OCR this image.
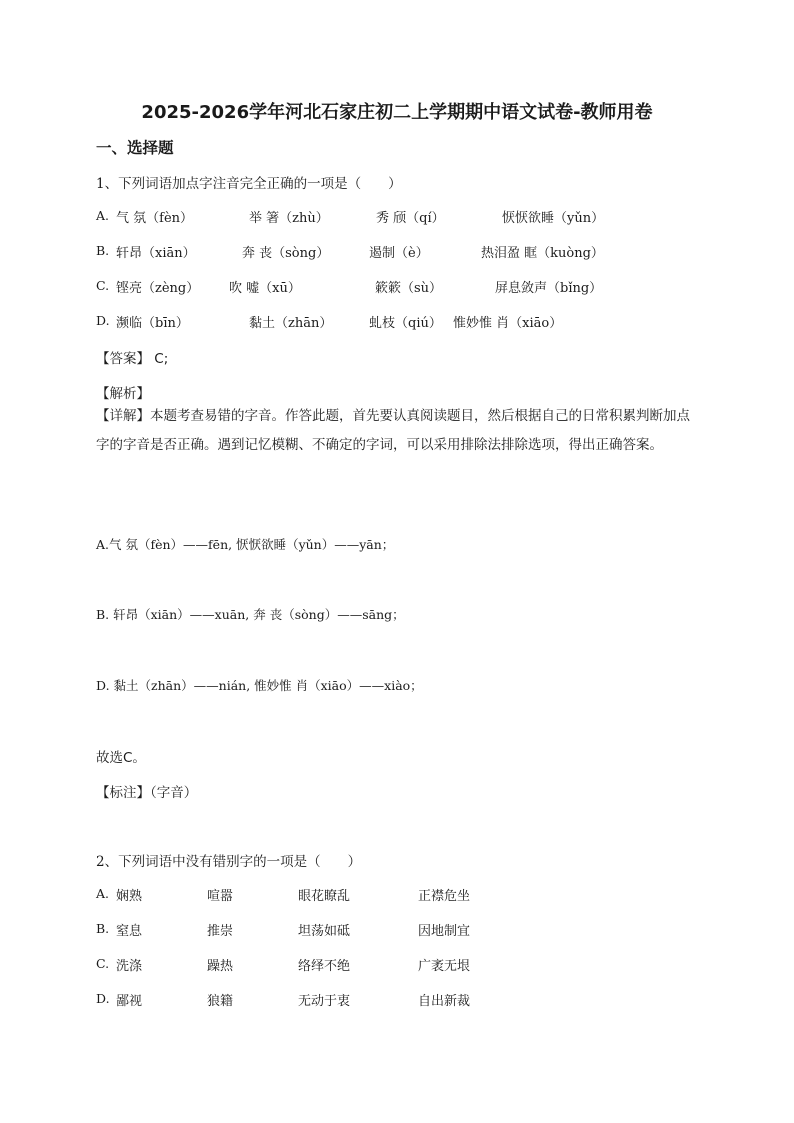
2025-2026学年河北石家庄初二上学期期中语文试卷-教师用卷
一、选择题
1、下列词语加点字注音完全正确的一项是（　　）
A. 气 氛（fèn）	举 箸（zhù）	秀 颀（qí）	恹恹欲睡（yǔn）
B. 轩昂（xiān）	奔 丧（sòng）	遏制（è）	热泪盈 眶（kuòng）
C. 铿亮（zèng） 吹 嘘（xū）	簌簌（sù）	屏息敛声（bǐng）
D. 濒临（bīn）	黏土（zhān）	虬枝（qiú） 惟妙惟 肖（xiāo）
【答案】 C;
【解析】
【详解】本题考查易错的字音。作答此题，首先要认真阅读题目，然后根据自己的日常积累判断加点字的字音是否正确。遇到记忆模糊、不确定的字词，可以采用排除法排除选项，得出正确答案。
A.气 氛（fèn）——fēn, 恹恹欲睡（yǔn）——yān；
B. 轩昂（xiān）——xuān, 奔 丧（sòng）——sāng；
D. 黏土（zhān）——nián, 惟妙惟 肖（xiāo）——xiào；
故选C。
【标注】（字音）
2、下列词语中没有错别字的一项是（　　）
A. 娴熟	喧嚣	眼花瞭乱	正襟危坐
B. 窒息	推崇	坦荡如砥	因地制宜
C. 洗涤	躁热	络绎不绝	广袤无垠
D. 鄙视	狼籍	无动于衷	自出新裁
